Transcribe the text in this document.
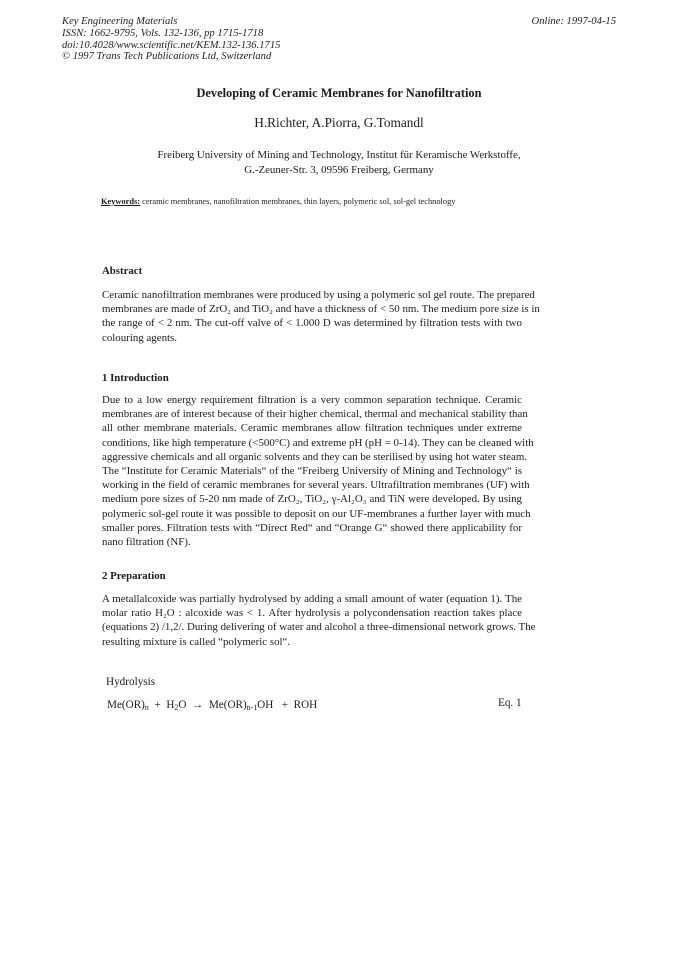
Key Engineering Materials
ISSN: 1662-9795, Vols. 132-136, pp 1715-1718
doi:10.4028/www.scientific.net/KEM.132-136.1715
© 1997 Trans Tech Publications Ltd, Switzerland
Online: 1997-04-15
Developing of Ceramic Membranes for Nanofiltration
H.Richter, A.Piorra, G.Tomandl
Freiberg University of Mining and Technology, Institut für Keramische Werkstoffe,
G.-Zeuner-Str. 3, 09596 Freiberg, Germany
Keywords: ceramic membranes, nanofiltration membranes, thin layers, polymeric sol, sol-gel technology
Abstract
Ceramic nanofiltration membranes were produced by using a polymeric sol gel route. The prepared
membranes are made of ZrO₂ and TiO₂ and have a thickness of < 50 nm. The medium pore size is in
the range of < 2 nm. The cut-off valve of < 1.000 D was determined by filtration tests with two
colouring agents.
1 Introduction
Due to a low energy requirement filtration is a very common separation technique. Ceramic
membranes are of interest because of their higher chemical, thermal and mechanical stability than
all other membrane materials. Ceramic membranes allow filtration techniques under extreme
conditions, like high temperature (<500°C) and extreme pH (pH = 0-14). They can be cleaned with
aggressive chemicals and all organic solvents and they can be sterilised by using hot water steam.
The “Institute for Ceramic Materials“ of the “Freiberg University of Mining and Technology“ is
working in the field of ceramic membranes for several years. Ultrafiltration membranes (UF) with
medium pore sizes of 5-20 nm made of ZrO₂, TiO₂, γ-Al₂O₃ and TiN were developed. By using
polymeric sol-gel route it was possible to deposit on our UF-membranes a further layer with much
smaller pores. Filtration tests with “Direct Red“ and “Orange G“ showed there applicability for
nano filtration (NF).
2 Preparation
A metallalcoxide was partially hydrolysed by adding a small amount of water (equation 1). The
molar ratio H₂O : alcoxide was < 1. After hydrolysis a polycondensation reaction takes place
(equations 2) /1,2/. During delivering of water and alcohol a three-dimensional network grows. The
resulting mixture is called “polymeric sol“.
Hydrolysis
$Me(OR)_n + H_2O \to Me(OR)_{n-1}OH$ + ROH	Eq. 1
